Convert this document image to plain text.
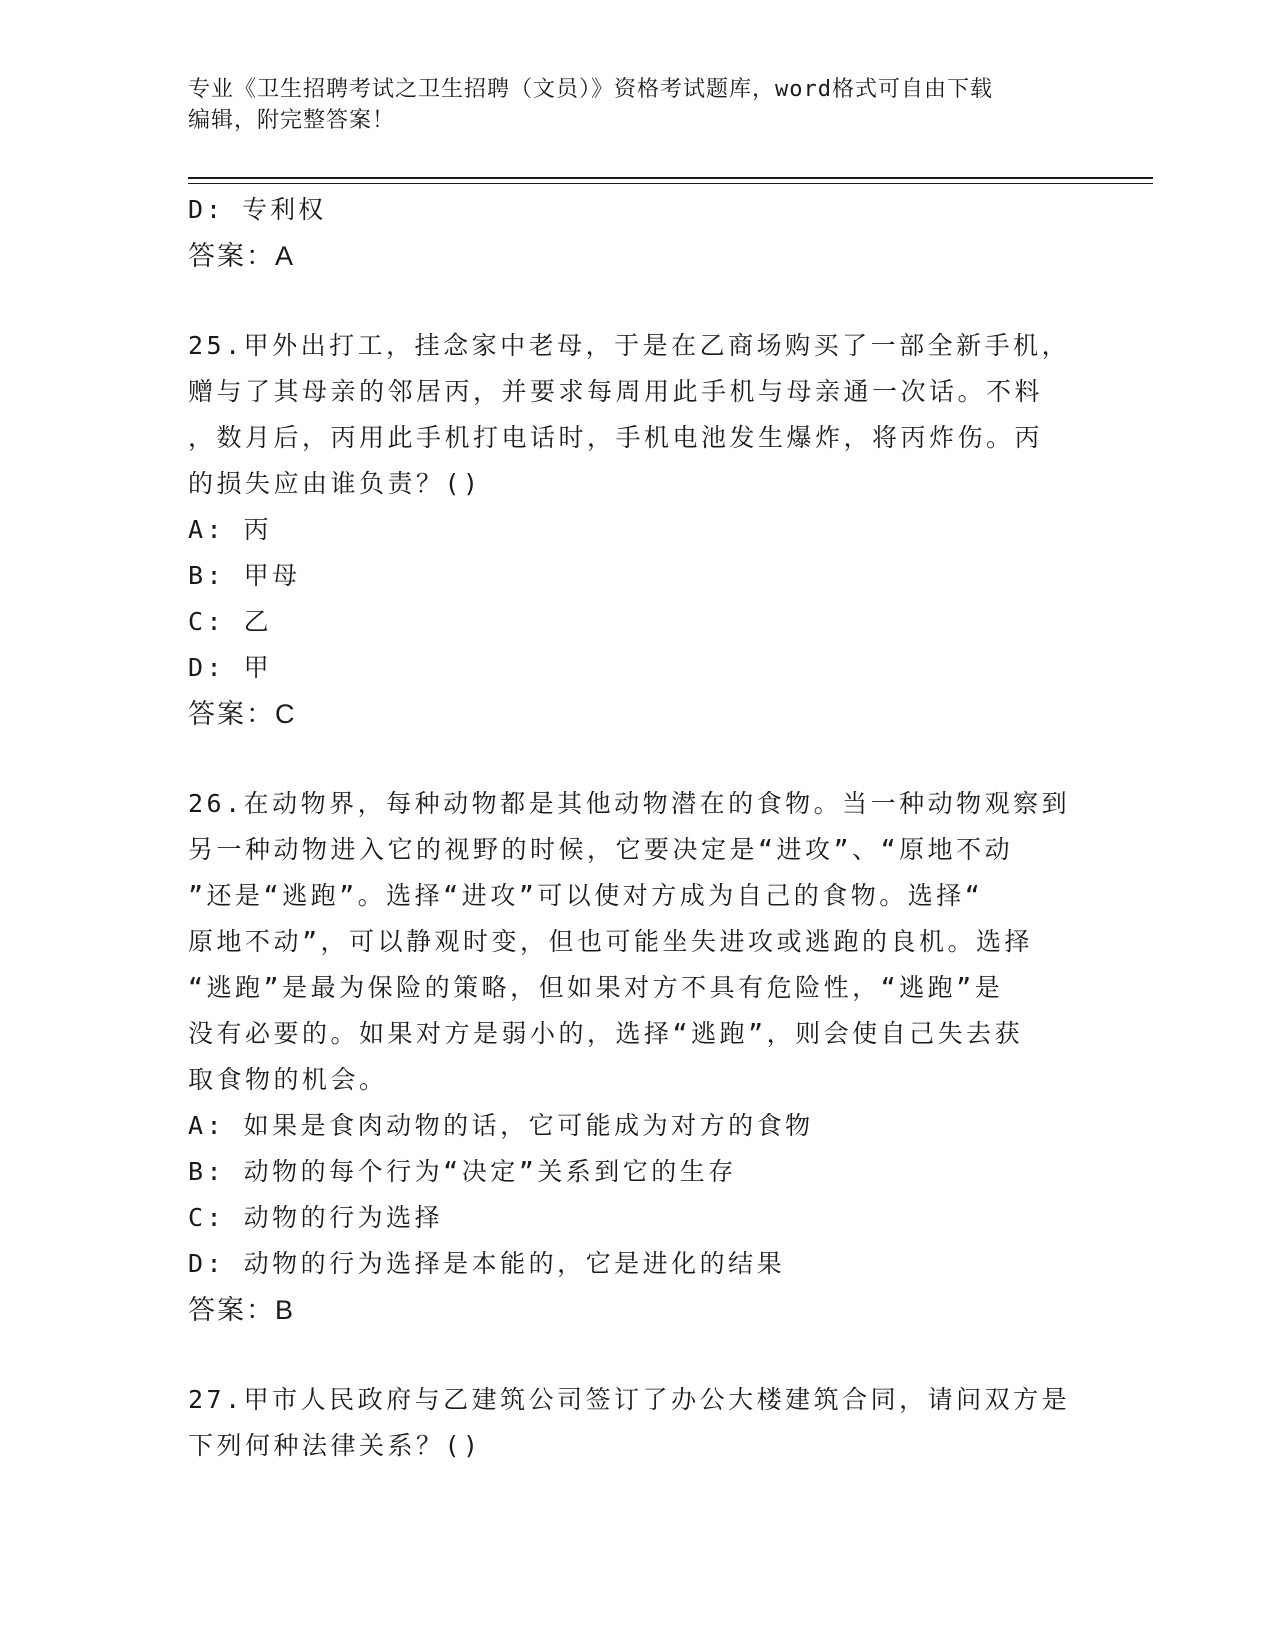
专业《卫生招聘考试之卫生招聘（文员）》资格考试题库，word格式可自由下载
编辑，附完整答案！
D: 专利权
答案：A
25.甲外出打工，挂念家中老母，于是在乙商场购买了一部全新手机，
赠与了其母亲的邻居丙，并要求每周用此手机与母亲通一次话。不料
，数月后，丙用此手机打电话时，手机电池发生爆炸，将丙炸伤。丙
的损失应由谁负责？()
A: 丙
B: 甲母
C: 乙
D: 甲
答案：C
26.在动物界，每种动物都是其他动物潜在的食物。当一种动物观察到
另一种动物进入它的视野的时候，它要决定是“进攻”、“原地不动
”还是“逃跑”。选择“进攻”可以使对方成为自己的食物。选择“
原地不动”，可以静观时变，但也可能坐失进攻或逃跑的良机。选择
“逃跑”是最为保险的策略，但如果对方不具有危险性，“逃跑”是
没有必要的。如果对方是弱小的，选择“逃跑”，则会使自己失去获
取食物的机会。
A: 如果是食肉动物的话，它可能成为对方的食物
B: 动物的每个行为“决定”关系到它的生存
C: 动物的行为选择
D: 动物的行为选择是本能的，它是进化的结果
答案：B
27.甲市人民政府与乙建筑公司签订了办公大楼建筑合同，请问双方是
下列何种法律关系？()
